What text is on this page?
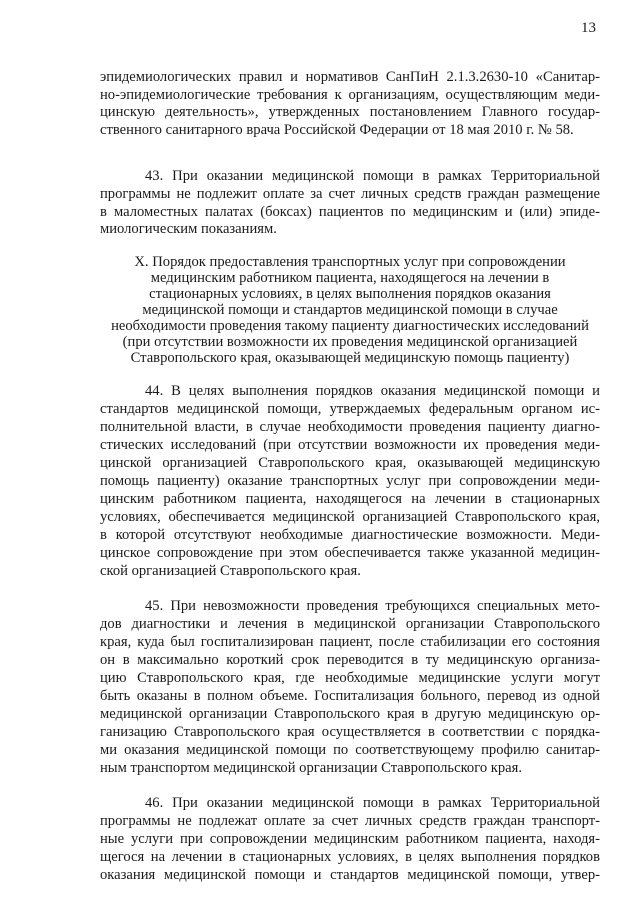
13
эпидемиологических правил и нормативов СанПиН 2.1.3.2630-10 «Санитар-
но-эпидемиологические требования к организациям, осуществляющим меди-
цинскую деятельность», утвержденных постановлением Главного государ-
ственного санитарного врача Российской Федерации от 18 мая 2010 г. № 58.
43. При оказании медицинской помощи в рамках Территориальной
программы не подлежит оплате за счет личных средств граждан размещение
в маломестных палатах (боксах) пациентов по медицинским и (или) эпиде-
миологическим показаниям.
X. Порядок предоставления транспортных услуг при сопровождении
медицинским работником пациента, находящегося на лечении в
стационарных условиях, в целях выполнения порядков оказания
медицинской помощи и стандартов медицинской помощи в случае
необходимости проведения такому пациенту диагностических исследований
(при отсутствии возможности их проведения медицинской организацией
Ставропольского края, оказывающей медицинскую помощь пациенту)
44. В целях выполнения порядков оказания медицинской помощи и
стандартов медицинской помощи, утверждаемых федеральным органом ис-
полнительной власти, в случае необходимости проведения пациенту диагно-
стических исследований (при отсутствии возможности их проведения меди-
цинской организацией Ставропольского края, оказывающей медицинскую
помощь пациенту) оказание транспортных услуг при сопровождении меди-
цинским работником пациента, находящегося на лечении в стационарных
условиях, обеспечивается медицинской организацией Ставропольского края,
в которой отсутствуют необходимые диагностические возможности. Меди-
цинское сопровождение при этом обеспечивается также указанной медицин-
ской организацией Ставропольского края.
45. При невозможности проведения требующихся специальных мето-
дов диагностики и лечения в медицинской организации Ставропольского
края, куда был госпитализирован пациент, после стабилизации его состояния
он в максимально короткий срок переводится в ту медицинскую организа-
цию Ставропольского края, где необходимые медицинские услуги могут
быть оказаны в полном объеме. Госпитализация больного, перевод из одной
медицинской организации Ставропольского края в другую медицинскую ор-
ганизацию Ставропольского края осуществляется в соответствии с порядка-
ми оказания медицинской помощи по соответствующему профилю санитар-
ным транспортом медицинской организации Ставропольского края.
46. При оказании медицинской помощи в рамках Территориальной
программы не подлежат оплате за счет личных средств граждан транспорт-
ные услуги при сопровождении медицинским работником пациента, находя-
щегося на лечении в стационарных условиях, в целях выполнения порядков
оказания медицинской помощи и стандартов медицинской помощи, утвер-
